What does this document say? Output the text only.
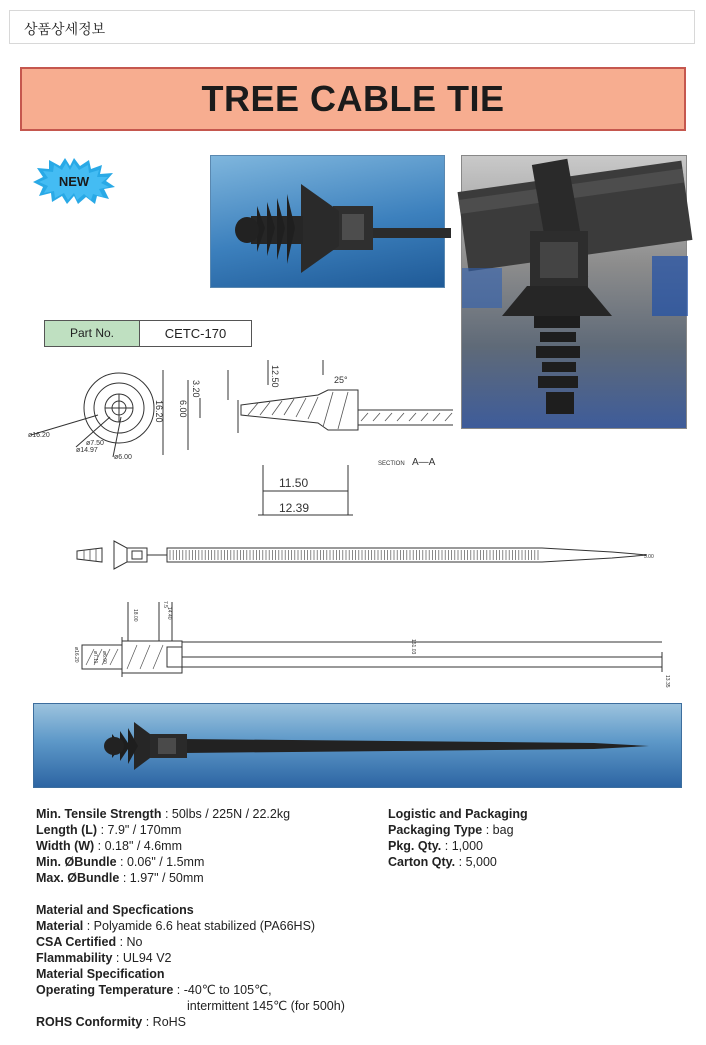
상품상세정보
TREE CABLE TIE
NEW
Part No.	CETC-170
ø16.20
ø7.50
ø14.97
ø6.00
3.20
6.00
16.20
12.50	25°
11.50
12.39
SECTION A—A
5.00
18.00
7.5
14.40
ø16.20	ø7.11 ø6.00
151.03
13.35
Min. Tensile Strength : 50lbs / 225N / 22.2kg
Length (L) : 7.9" / 170mm
Width (W) : 0.18" / 4.6mm
Min. ØBundle : 0.06" / 1.5mm
Max. ØBundle : 1.97" / 50mm
Material and Specfications
Material : Polyamide 6.6 heat stabilized (PA66HS)
CSA Certified : No
Flammability : UL94 V2
Material Specification
Operating Temperature : -40℃ to 105℃,
intermittent 145℃ (for 500h)
ROHS Conformity : RoHS
Logistic and Packaging
Packaging Type : bag
Pkg. Qty. : 1,000
Carton Qty. : 5,000
